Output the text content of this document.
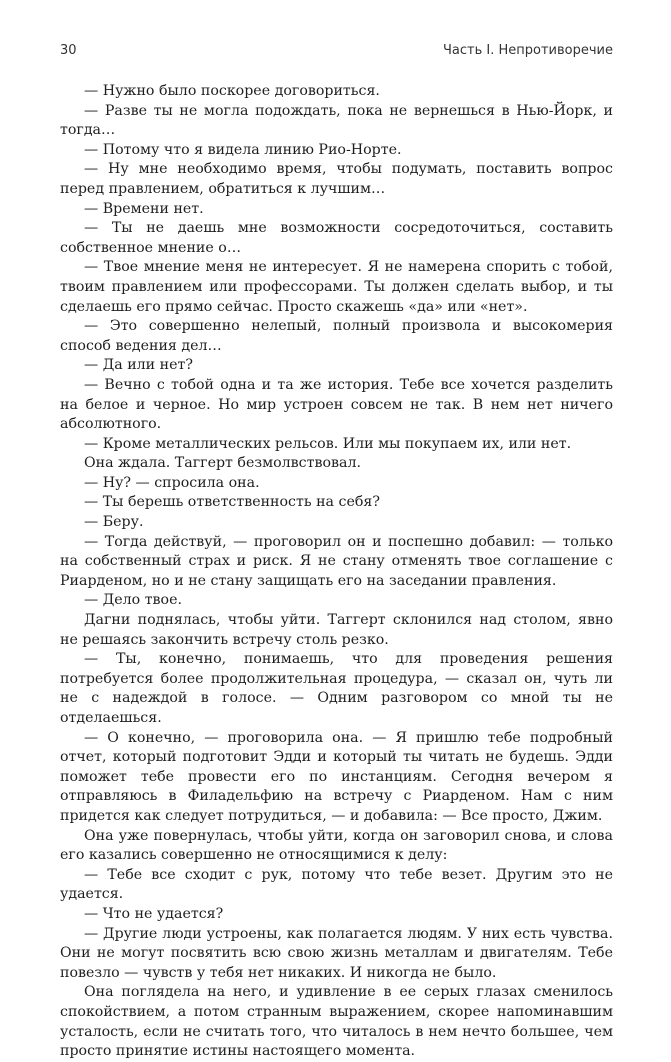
30	Часть I. Непротиворечие

— Нужно было поскорее договориться.

— Разве ты не могла подождать, пока не вернешься в Нью-Йорк, и тогда…

— Потому что я видела линию Рио-Норте.

— Ну мне необходимо время, чтобы подумать, поставить вопрос перед правлением, обратиться к лучшим…

— Времени нет.

— Ты не даешь мне возможности сосредоточиться, составить собственное мнение о…

— Твое мнение меня не интересует. Я не намерена спорить с тобой, твоим правлением или профессорами. Ты должен сделать выбор, и ты сделаешь его прямо сейчас. Просто скажешь «да» или «нет».

— Это совершенно нелепый, полный произвола и высокомерия способ ведения дел…

— Да или нет?

— Вечно с тобой одна и та же история. Тебе все хочется разделить на белое и черное. Но мир устроен совсем не так. В нем нет ничего абсолютного.

— Кроме металлических рельсов. Или мы покупаем их, или нет.

Она ждала. Таггерт безмолвствовал.

— Ну? — спросила она.

— Ты берешь ответственность на себя?

— Беру.

— Тогда действуй, — проговорил он и поспешно добавил: — только на собственный страх и риск. Я не стану отменять твое соглашение с Риарденом, но и не стану защищать его на заседании правления.

— Дело твое.

Дагни поднялась, чтобы уйти. Таггерт склонился над столом, явно не решаясь закончить встречу столь резко.

— Ты, конечно, понимаешь, что для проведения решения потребуется более продолжительная процедура, — сказал он, чуть ли не с надеждой в голосе. — Одним разговором со мной ты не отделаешься.

— О конечно, — проговорила она. — Я пришлю тебе подробный отчет, который подготовит Эдди и который ты читать не будешь. Эдди поможет тебе провести его по инстанциям. Сегодня вечером я отправляюсь в Филадельфию на встречу с Риарденом. Нам с ним придется как следует потрудиться, — и добавила: — Все просто, Джим.

Она уже повернулась, чтобы уйти, когда он заговорил снова, и слова его казались совершенно не относящимися к делу:

— Тебе все сходит с рук, потому что тебе везет. Другим это не удается.

— Что не удается?

— Другие люди устроены, как полагается людям. У них есть чувства. Они не могут посвятить всю свою жизнь металлам и двигателям. Тебе повезло — чувств у тебя нет никаких. И никогда не было.

Она поглядела на него, и удивление в ее серых глазах сменилось спокойствием, а потом странным выражением, скорее напоминавшим усталость, если не считать того, что читалось в нем нечто большее, чем просто принятие истины настоящего момента.
